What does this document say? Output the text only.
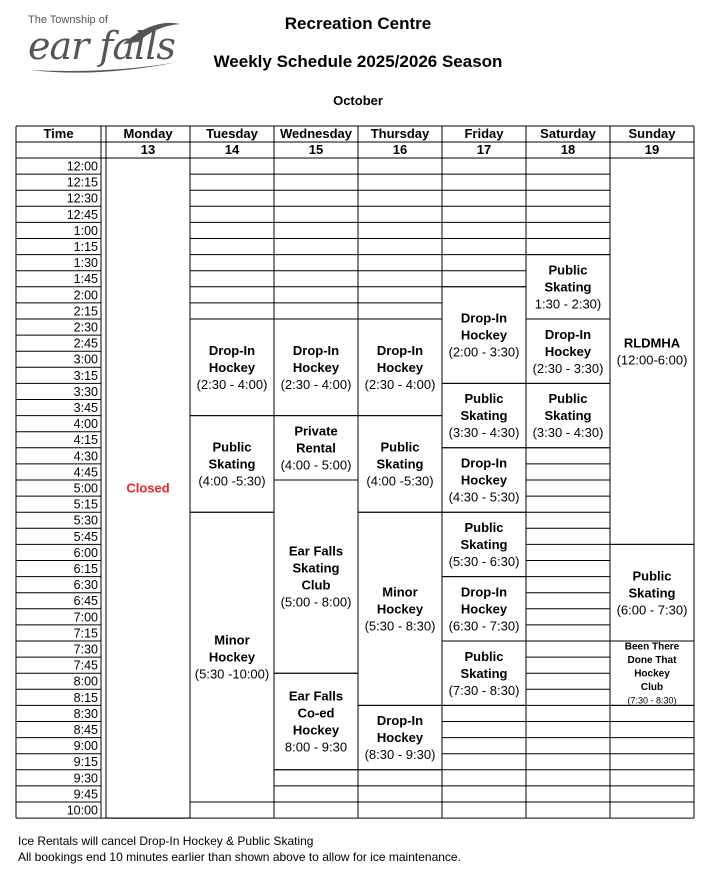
The Township of
ear falls
Recreation Centre
Weekly Schedule 2025/2026 Season
October
Closed
Drop-In
Hockey
(2:30 - 4:00)
Public
Skating
(4:00 -5:30)
Minor
Hockey
(5:30 -10:00)
Drop-In
Hockey
(2:30 - 4:00)
Private
Rental
(4:00 - 5:00)
Ear Falls
Skating
Club
(5:00 - 8:00)
Ear Falls
Co-ed
Hockey
8:00 - 9:30
Drop-In
Hockey
(2:30 - 4:00)
Public
Skating
(4:00 -5:30)
Minor
Hockey
(5:30 - 8:30)
Drop-In
Hockey
(8:30 - 9:30)
Drop-In
Hockey
(2:00 - 3:30)
Public
Skating
(3:30 - 4:30)
Drop-In
Hockey
(4:30 - 5:30)
Public
Skating
(5:30 - 6:30)
Drop-In
Hockey
(6:30 - 7:30)
Public
Skating
(7:30 - 8:30)
Public
Skating
1:30 - 2:30)
Drop-In
Hockey
(2:30 - 3:30)
Public
Skating
(3:30 - 4:30)
RLDMHA
(12:00-6:00)
Public
Skating
(6:00 - 7:30)
Been There
Done That
Hockey
Club
(7:30 - 8:30)
Time	Monday
13
Tuesday
14
Wednesday
15
Thursday
16
Friday
17
Saturday
18
Sunday
19
12:00
12:15
12:30
12:45
1:00
1:15
1:30
1:45
2:00
2:15
2:30
2:45
3:00
3:15
3:30
3:45
4:00
4:15
4:30
4:45
5:00
5:15
5:30
5:45
6:00
6:15
6:30
6:45
7:00
7:15
7:30
7:45
8:00
8:15
8:30
8:45
9:00
9:15
9:30
9:45
10:00
Ice Rentals will cancel Drop-In Hockey & Public Skating
All bookings end 10 minutes earlier than shown above to allow for ice maintenance.
